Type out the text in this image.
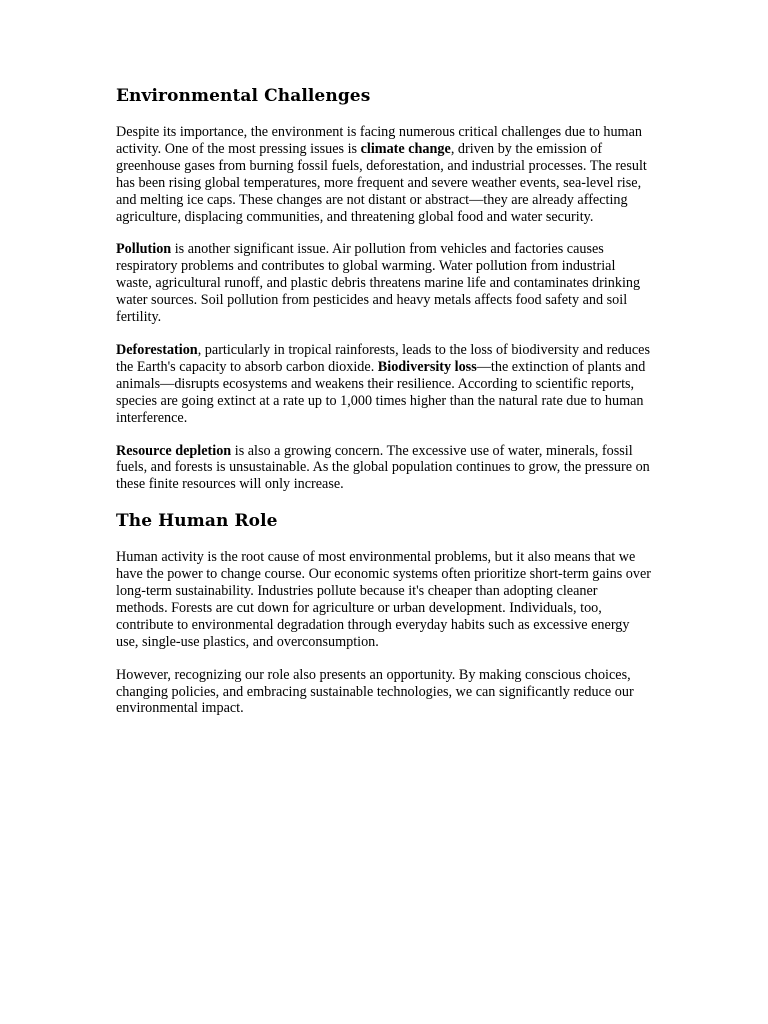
Environmental Challenges

Despite its importance, the environment is facing numerous critical challenges due to human activity. One of the most pressing issues is climate change, driven by the emission of greenhouse gases from burning fossil fuels, deforestation, and industrial processes. The result has been rising global temperatures, more frequent and severe weather events, sea-level rise, and melting ice caps. These changes are not distant or abstract—they are already affecting agriculture, displacing communities, and threatening global food and water security.

Pollution is another significant issue. Air pollution from vehicles and factories causes respiratory problems and contributes to global warming. Water pollution from industrial waste, agricultural runoff, and plastic debris threatens marine life and contaminates drinking water sources. Soil pollution from pesticides and heavy metals affects food safety and soil fertility.

Deforestation, particularly in tropical rainforests, leads to the loss of biodiversity and reduces the Earth's capacity to absorb carbon dioxide. Biodiversity loss—the extinction of plants and animals—disrupts ecosystems and weakens their resilience. According to scientific reports, species are going extinct at a rate up to 1,000 times higher than the natural rate due to human interference.

Resource depletion is also a growing concern. The excessive use of water, minerals, fossil fuels, and forests is unsustainable. As the global population continues to grow, the pressure on these finite resources will only increase.

The Human Role

Human activity is the root cause of most environmental problems, but it also means that we have the power to change course. Our economic systems often prioritize short-term gains over long-term sustainability. Industries pollute because it's cheaper than adopting cleaner methods. Forests are cut down for agriculture or urban development. Individuals, too, contribute to environmental degradation through everyday habits such as excessive energy use, single-use plastics, and overconsumption.

However, recognizing our role also presents an opportunity. By making conscious choices, changing policies, and embracing sustainable technologies, we can significantly reduce our environmental impact.
